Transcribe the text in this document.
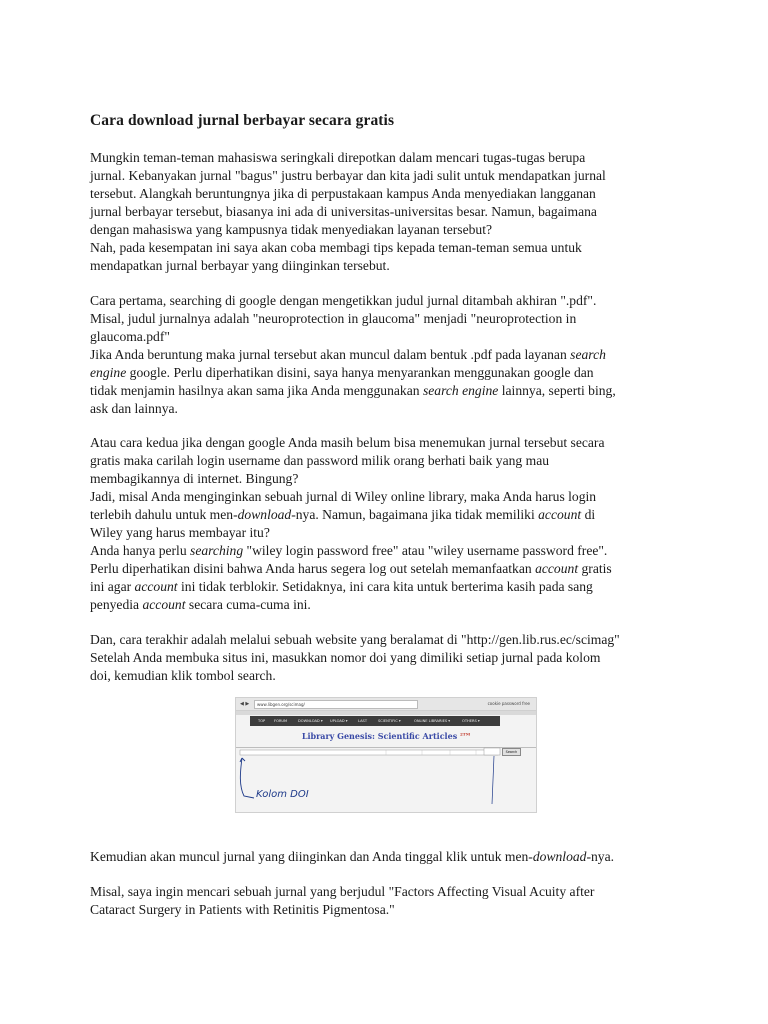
Cara download jurnal berbayar secara gratis
Mungkin teman-teman mahasiswa seringkali direpotkan dalam mencari tugas-tugas berupa
jurnal. Kebanyakan jurnal "bagus" justru berbayar dan kita jadi sulit untuk mendapatkan jurnal
tersebut. Alangkah beruntungnya jika di perpustakaan kampus Anda menyediakan langganan
jurnal berbayar tersebut, biasanya ini ada di universitas-universitas besar. Namun, bagaimana
dengan mahasiswa yang kampusnya tidak menyediakan layanan tersebut?
Nah, pada kesempatan ini saya akan coba membagi tips kepada teman-teman semua untuk
mendapatkan jurnal berbayar yang diinginkan tersebut.
Cara pertama, searching di google dengan mengetikkan judul jurnal ditambah akhiran ".pdf".
Misal, judul jurnalnya adalah "neuroprotection in glaucoma" menjadi "neuroprotection in
glaucoma.pdf"
Jika Anda beruntung maka jurnal tersebut akan muncul dalam bentuk .pdf pada layanan search
engine google. Perlu diperhatikan disini, saya hanya menyarankan menggunakan google dan
tidak menjamin hasilnya akan sama jika Anda menggunakan search engine lainnya, seperti bing,
ask dan lainnya.
Atau cara kedua jika dengan google Anda masih belum bisa menemukan jurnal tersebut secara
gratis maka carilah login username dan password milik orang berhati baik yang mau
membagikannya di internet. Bingung?
Jadi, misal Anda menginginkan sebuah jurnal di Wiley online library, maka Anda harus login
terlebih dahulu untuk men-download-nya. Namun, bagaimana jika tidak memiliki account di
Wiley yang harus membayar itu?
Anda hanya perlu searching "wiley login password free" atau "wiley username password free".
Perlu diperhatikan disini bahwa Anda harus segera log out setelah memanfaatkan account gratis
ini agar account ini tidak terblokir. Setidaknya, ini cara kita untuk berterima kasih pada sang
penyedia account secara cuma-cuma ini.
Dan, cara terakhir adalah melalui sebuah website yang beralamat di "http://gen.lib.rus.ec/scimag"
Setelah Anda membuka situs ini, masukkan nomor doi yang dimiliki setiap jurnal pada kolom
doi, kemudian klik tombol search.
Kemudian akan muncul jurnal yang diinginkan dan Anda tinggal klik untuk men-download-nya.
Misal, saya ingin mencari sebuah jurnal yang berjudul "Factors Affecting Visual Acuity after
Cataract Surgery in Patients with Retinitis Pigmentosa."
◀ ▶	www.libgen.org/scimag/	cookie password free
TOP FORUM	DOWNLOAD ▾ UPLOAD ▾	LAST	SCIENTIFIC ▾	ONLINE LIBRARIES ▾	OTHERS ▾
Library Genesis: Scientific Articles $^{2TM}$
Search
Kolom DOI
